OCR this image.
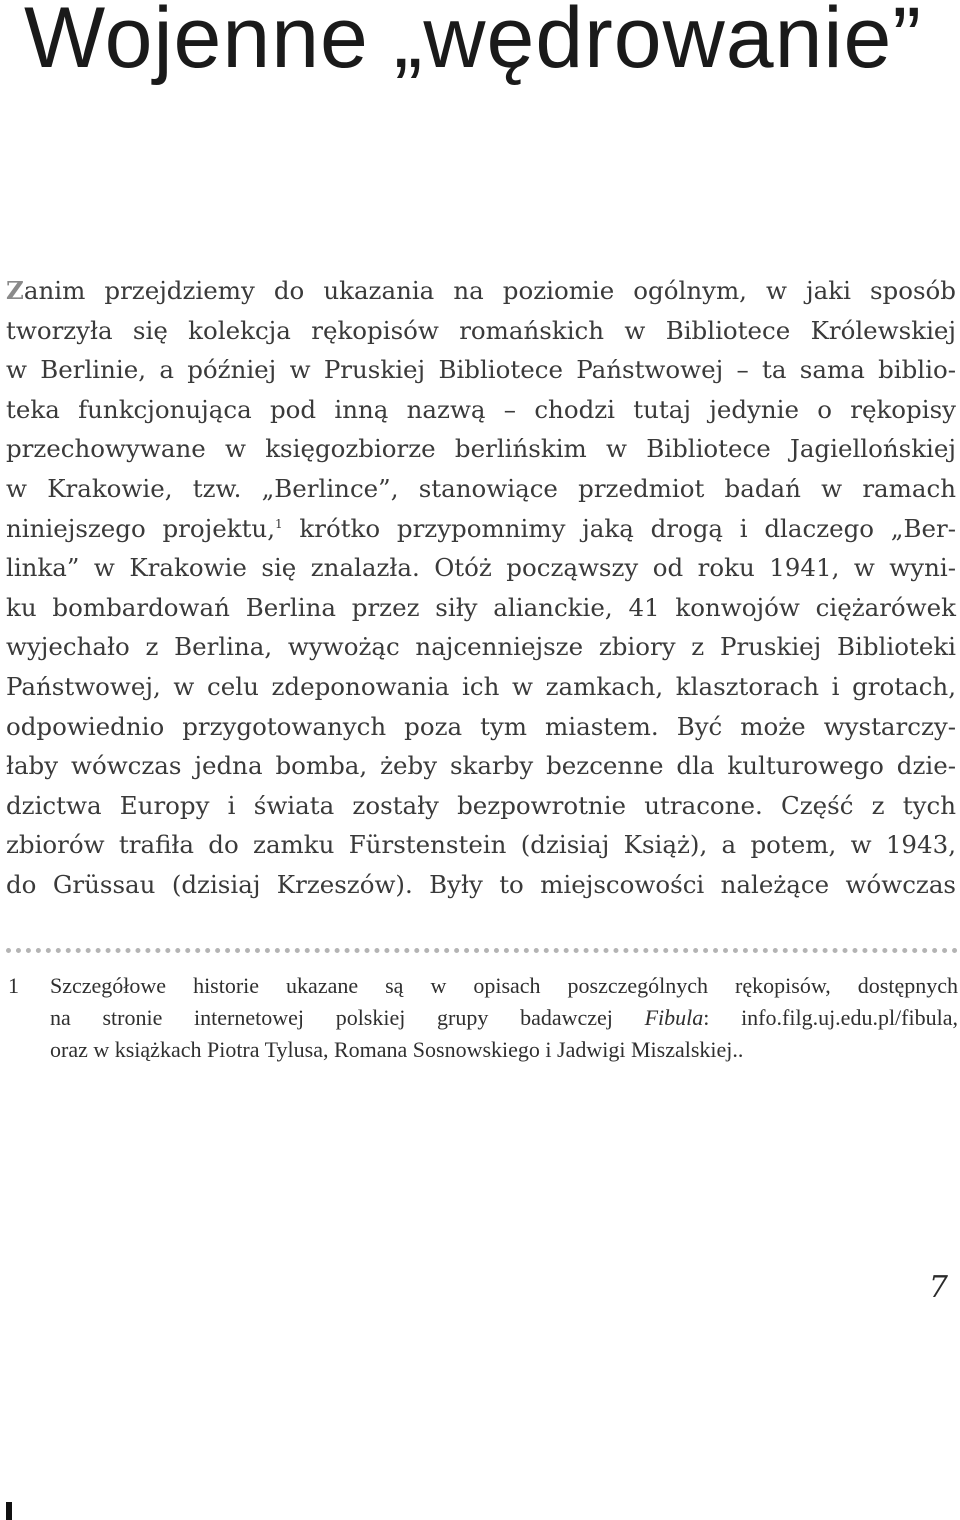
Wojenne „wędrowanie”
Zanim przejdziemy do ukazania na poziomie ogólnym, w jaki sposób
tworzyła się kolekcja rękopisów romańskich w Bibliotece Królewskiej
w Berlinie, a później w Pruskiej Bibliotece Państwowej – ta sama biblio-
teka funkcjonująca pod inną nazwą – chodzi tutaj jedynie o rękopisy
przechowywane w księgozbiorze berlińskim w Bibliotece Jagiellońskiej
w Krakowie, tzw. „Berlince”, stanowiące przedmiot badań w ramach
niniejszego projektu,$^1$ krótko przypomnimy jaką drogą i dlaczego „Ber-
linka” w Krakowie się znalazła. Otóż począwszy od roku 1941, w wyni-
ku bombardowań Berlina przez siły alianckie, 41 konwojów ciężarówek
wyjechało z Berlina, wywożąc najcenniejsze zbiory z Pruskiej Biblioteki
Państwowej, w celu zdeponowania ich w zamkach, klasztorach i grotach,
odpowiednio przygotowanych poza tym miastem. Być może wystarczy-
łaby wówczas jedna bomba, żeby skarby bezcenne dla kulturowego dzie-
dzictwa Europy i świata zostały bezpowrotnie utracone. Część z tych
zbiorów trafiła do zamku Fürstenstein (dzisiaj Książ), a potem, w 1943,
do Grüssau (dzisiaj Krzeszów). Były to miejscowości należące wówczas
1 Szczegółowe historie ukazane są w opisach poszczególnych rękopisów, dostępnych
na stronie internetowej polskiej grupy badawczej Fibula: info.filg.uj.edu.pl/fibula,
oraz w książkach Piotra Tylusa, Romana Sosnowskiego i Jadwigi Miszalskiej..
7
